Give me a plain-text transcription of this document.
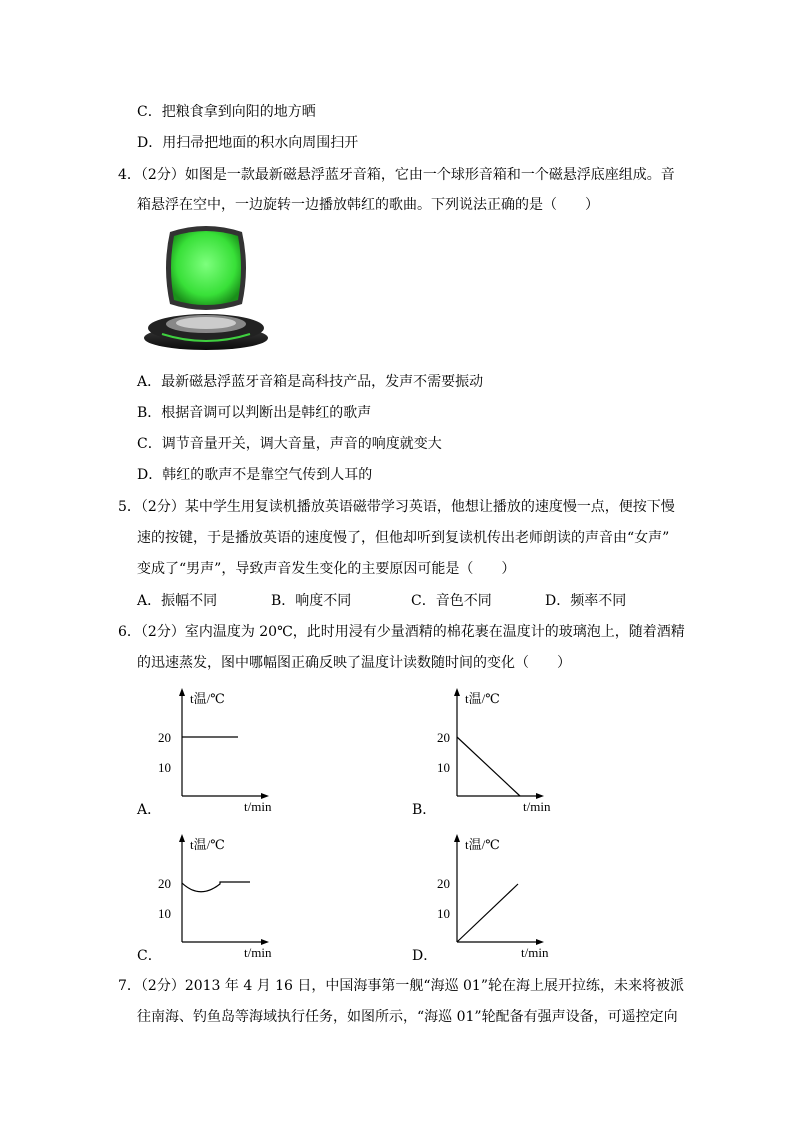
C．把粮食拿到向阳的地方晒
D．用扫帚把地面的积水向周围扫开
4．（2分）如图是一款最新磁悬浮蓝牙音箱，它由一个球形音箱和一个磁悬浮底座组成。音
箱悬浮在空中，一边旋转一边播放韩红的歌曲。下列说法正确的是（　　）
A．最新磁悬浮蓝牙音箱是高科技产品，发声不需要振动
B．根据音调可以判断出是韩红的歌声
C．调节音量开关，调大音量，声音的响度就变大
D．韩红的歌声不是靠空气传到人耳的
5．（2分）某中学生用复读机播放英语磁带学习英语，他想让播放的速度慢一点，便按下慢
速的按键，于是播放英语的速度慢了，但他却听到复读机传出老师朗读的声音由“女声”
变成了“男声”，导致声音发生变化的主要原因可能是（　　）
A．振幅不同	B．响度不同	C．音色不同	D．频率不同
6．（2分）室内温度为 20℃，此时用浸有少量酒精的棉花裹在温度计的玻璃泡上，随着酒精
的迅速蒸发，图中哪幅图正确反映了温度计读数随时间的变化（　　）
t温/℃
20
10
t/min
A．
t温/℃
20
10
t/min
B．
t温/℃
20
10
t/min
C．
t温/℃
20
10
t/min
D．
7．（2分）2013 年 4 月 16 日，中国海事第一舰“海巡 01”轮在海上展开拉练，未来将被派
往南海、钓鱼岛等海域执行任务，如图所示，“海巡 01”轮配备有强声设备，可遥控定向
